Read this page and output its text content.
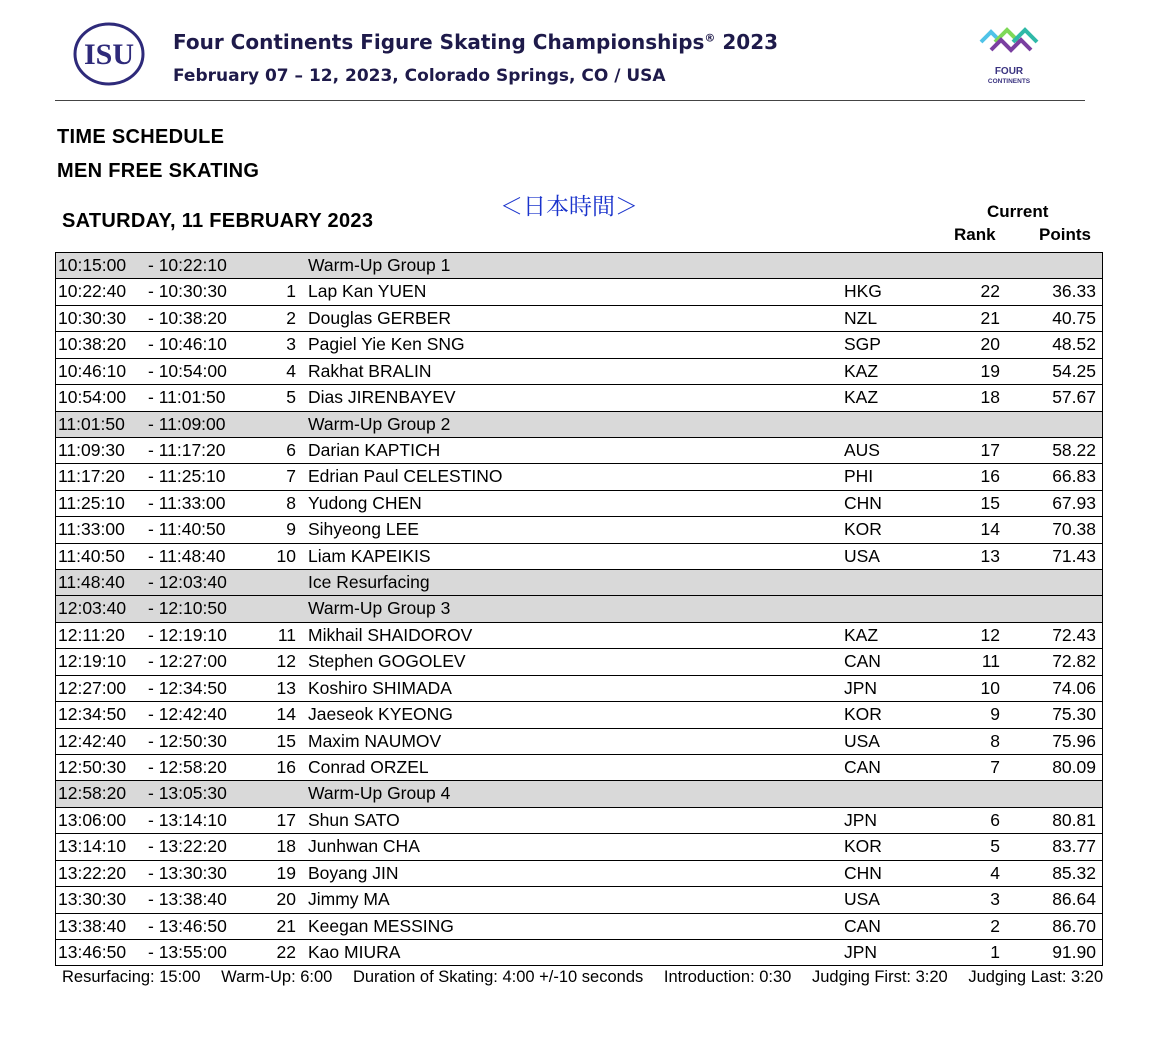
ISU Four Continents Figure Skating Championships® 2023
February 07 – 12, 2023, Colorado Springs, CO / USA	FOUR
CONTINENTS
TIME SCHEDULE
MEN FREE SKATING
＜日本時間＞
SATURDAY, 11 FEBRUARY 2023	Current
Rank	Points
10:15:00 - 10:22:10	Warm-Up Group 1
10:22:40 - 10:30:30	1 Lap Kan YUEN	HKG	22	36.33
10:30:30 - 10:38:20	2 Douglas GERBER	NZL	21	40.75
10:38:20 - 10:46:10	3 Pagiel Yie Ken SNG	SGP	20	48.52
10:46:10 - 10:54:00	4 Rakhat BRALIN	KAZ	19	54.25
10:54:00 - 11:01:50	5 Dias JIRENBAYEV	KAZ	18	57.67
11:01:50 - 11:09:00	Warm-Up Group 2
11:09:30 - 11:17:20	6 Darian KAPTICH	AUS	17	58.22
11:17:20 - 11:25:10	7 Edrian Paul CELESTINO	PHI	16	66.83
11:25:10 - 11:33:00	8 Yudong CHEN	CHN	15	67.93
11:33:00 - 11:40:50	9 Sihyeong LEE	KOR	14	70.38
11:40:50 - 11:48:40	10 Liam KAPEIKIS	USA	13	71.43
11:48:40 - 12:03:40	Ice Resurfacing
12:03:40 - 12:10:50	Warm-Up Group 3
12:11:20 - 12:19:10	11 Mikhail SHAIDOROV	KAZ	12	72.43
12:19:10 - 12:27:00	12 Stephen GOGOLEV	CAN	11	72.82
12:27:00 - 12:34:50	13 Koshiro SHIMADA	JPN	10	74.06
12:34:50 - 12:42:40	14 Jaeseok KYEONG	KOR	9	75.30
12:42:40 - 12:50:30	15 Maxim NAUMOV	USA	8	75.96
12:50:30 - 12:58:20	16 Conrad ORZEL	CAN	7	80.09
12:58:20 - 13:05:30	Warm-Up Group 4
13:06:00 - 13:14:10	17 Shun SATO	JPN	6	80.81
13:14:10 - 13:22:20	18 Junhwan CHA	KOR	5	83.77
13:22:20 - 13:30:30	19 Boyang JIN	CHN	4	85.32
13:30:30 - 13:38:40	20 Jimmy MA	USA	3	86.64
13:38:40 - 13:46:50	21 Keegan MESSING	CAN	2	86.70
13:46:50 - 13:55:00	22 Kao MIURA	JPN	1	91.90
Resurfacing: 15:00 Warm-Up: 6:00 Duration of Skating: 4:00 +/-10 seconds Introduction: 0:30 Judging First: 3:20 Judging Last: 3:20
